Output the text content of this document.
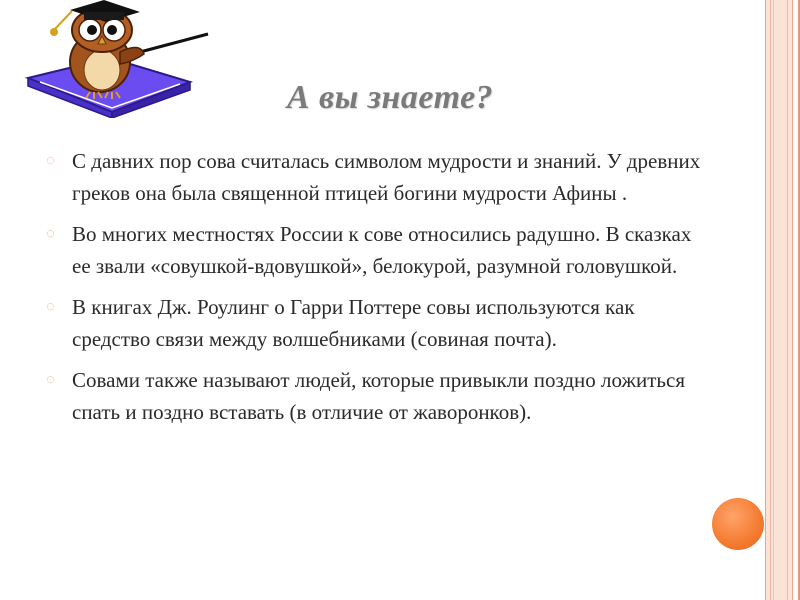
А вы знаете?
◌ С давних пор сова считалась символом мудрости и знаний. У древних греков она была священной птицей богини мудрости Афины .
◌ Во многих местностях России к сове относились радушно. В сказках ее звали «совушкой-вдовушкой», белокурой, разумной головушкой.
◌ В книгах Дж. Роулинг о Гарри Поттере совы используются как средство связи между волшебниками (совиная почта).
◌ Совами также называют людей, которые привыкли поздно ложиться спать и поздно вставать (в отличие от жаворонков).
